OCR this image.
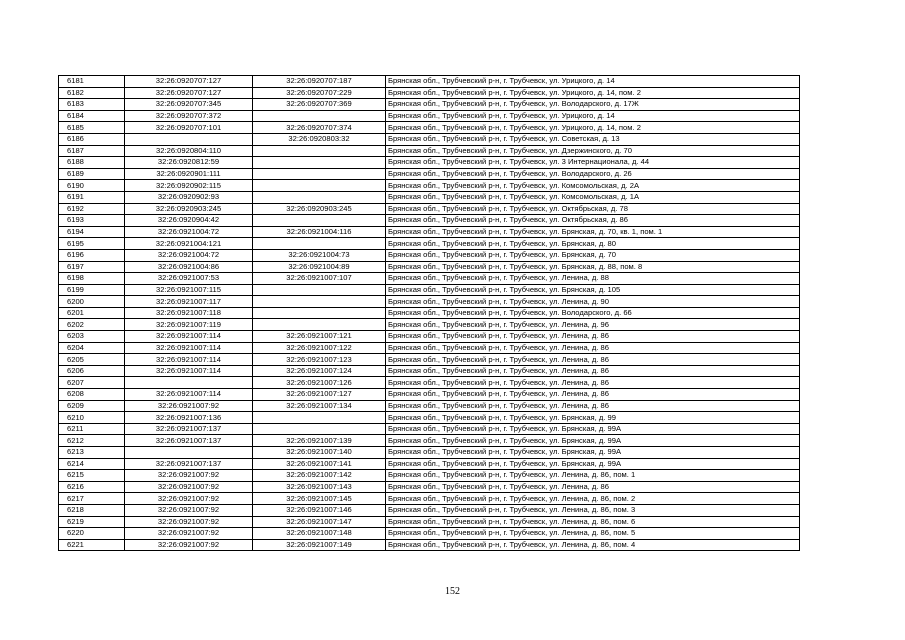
6181	32:26:0920707:127	32:26:0920707:187	Брянская обл., Трубчевский р-н, г. Трубчевск, ул. Урицкого, д. 14
6182	32:26:0920707:127	32:26:0920707:229	Брянская обл., Трубчевский р-н, г. Трубчевск, ул. Урицкого, д. 14, пом. 2
6183	32:26:0920707:345	32:26:0920707:369	Брянская обл., Трубчевский р-н, г. Трубчевск, ул. Володарского, д. 17Ж
6184	32:26:0920707:372		Брянская обл., Трубчевский р-н, г. Трубчевск, ул. Урицкого, д. 14
6185	32:26:0920707:101	32:26:0920707:374	Брянская обл., Трубчевский р-н, г. Трубчевск, ул. Урицкого, д. 14, пом. 2
6186		32:26:0920803:32	Брянская обл., Трубчевский р-н, г. Трубчевск, ул. Советская, д. 13
6187	32:26:0920804:110		Брянская обл., Трубчевский р-н, г. Трубчевск, ул. Дзержинского, д. 70
6188	32:26:0920812:59		Брянская обл., Трубчевский р-н, г. Трубчевск, ул. 3 Интернационала, д. 44
6189	32:26:0920901:111		Брянская обл., Трубчевский р-н, г. Трубчевск, ул. Володарского, д. 26
6190	32:26:0920902:115		Брянская обл., Трубчевский р-н, г. Трубчевск, ул. Комсомольская, д. 2А
6191	32:26:0920902:93		Брянская обл., Трубчевский р-н, г. Трубчевск, ул. Комсомольская, д. 1А
6192	32:26:0920903:245	32:26:0920903:245	Брянская обл., Трубчевский р-н, г. Трубчевск, ул. Октябрьская, д. 78
6193	32:26:0920904:42		Брянская обл., Трубчевский р-н, г. Трубчевск, ул. Октябрьская, д. 86
6194	32:26:0921004:72	32:26:0921004:116	Брянская обл., Трубчевский р-н, г. Трубчевск, ул. Брянская, д. 70, кв. 1, пом. 1
6195	32:26:0921004:121		Брянская обл., Трубчевский р-н, г. Трубчевск, ул. Брянская, д. 80
6196	32:26:0921004:72	32:26:0921004:73	Брянская обл., Трубчевский р-н, г. Трубчевск, ул. Брянская, д. 70
6197	32:26:0921004:86	32:26:0921004:89	Брянская обл., Трубчевский р-н, г. Трубчевск, ул. Брянская, д. 88, пом. 8
6198	32:26:0921007:53	32:26:0921007:107	Брянская обл., Трубчевский р-н, г. Трубчевск, ул. Ленина, д. 88
6199	32:26:0921007:115		Брянская обл., Трубчевский р-н, г. Трубчевск, ул. Брянская, д. 105
6200	32:26:0921007:117		Брянская обл., Трубчевский р-н, г. Трубчевск, ул. Ленина, д. 90
6201	32:26:0921007:118		Брянская обл., Трубчевский р-н, г. Трубчевск, ул. Володарского, д. 66
6202	32:26:0921007:119		Брянская обл., Трубчевский р-н, г. Трубчевск, ул. Ленина, д. 96
6203	32:26:0921007:114	32:26:0921007:121	Брянская обл., Трубчевский р-н, г. Трубчевск, ул. Ленина, д. 86
6204	32:26:0921007:114	32:26:0921007:122	Брянская обл., Трубчевский р-н, г. Трубчевск, ул. Ленина, д. 86
6205	32:26:0921007:114	32:26:0921007:123	Брянская обл., Трубчевский р-н, г. Трубчевск, ул. Ленина, д. 86
6206	32:26:0921007:114	32:26:0921007:124	Брянская обл., Трубчевский р-н, г. Трубчевск, ул. Ленина, д. 86
6207		32:26:0921007:126	Брянская обл., Трубчевский р-н, г. Трубчевск, ул. Ленина, д. 86
6208	32:26:0921007:114	32:26:0921007:127	Брянская обл., Трубчевский р-н, г. Трубчевск, ул. Ленина, д. 86
6209	32:26:0921007:92	32:26:0921007:134	Брянская обл., Трубчевский р-н, г. Трубчевск, ул. Ленина, д. 86
6210	32:26:0921007:136		Брянская обл., Трубчевский р-н, г. Трубчевск, ул. Брянская, д. 99
6211	32:26:0921007:137		Брянская обл., Трубчевский р-н, г. Трубчевск, ул. Брянская, д. 99А
6212	32:26:0921007:137	32:26:0921007:139	Брянская обл., Трубчевский р-н, г. Трубчевск, ул. Брянская, д. 99А
6213		32:26:0921007:140	Брянская обл., Трубчевский р-н, г. Трубчевск, ул. Брянская, д. 99А
6214	32:26:0921007:137	32:26:0921007:141	Брянская обл., Трубчевский р-н, г. Трубчевск, ул. Брянская, д. 99А
6215	32:26:0921007:92	32:26:0921007:142	Брянская обл., Трубчевский р-н, г. Трубчевск, ул. Ленина, д. 86, пом. 1
6216	32:26:0921007:92	32:26:0921007:143	Брянская обл., Трубчевский р-н, г. Трубчевск, ул. Ленина, д. 86
6217	32:26:0921007:92	32:26:0921007:145	Брянская обл., Трубчевский р-н, г. Трубчевск, ул. Ленина, д. 86, пом. 2
6218	32:26:0921007:92	32:26:0921007:146	Брянская обл., Трубчевский р-н, г. Трубчевск, ул. Ленина, д. 86, пом. 3
6219	32:26:0921007:92	32:26:0921007:147	Брянская обл., Трубчевский р-н, г. Трубчевск, ул. Ленина, д. 86, пом. 6
6220	32:26:0921007:92	32:26:0921007:148	Брянская обл., Трубчевский р-н, г. Трубчевск, ул. Ленина, д. 86, пом. 5
6221	32:26:0921007:92	32:26:0921007:149	Брянская обл., Трубчевский р-н, г. Трубчевск, ул. Ленина, д. 86, пом. 4
152
